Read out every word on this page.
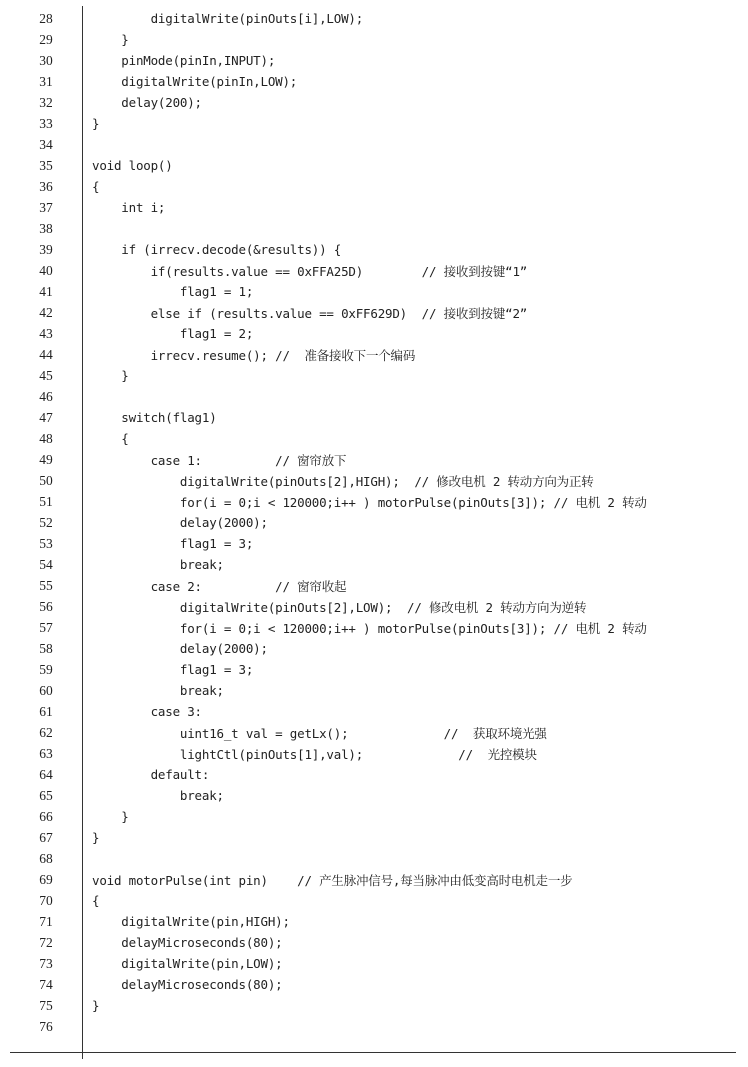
28	digitalWrite(pinOuts[i],LOW);
29	}
30	pinMode(pinIn,INPUT);
31	digitalWrite(pinIn,LOW);
32	delay(200);
33	}
34
35	void loop()
36	{
37	int i;
38
39	if (irrecv.decode(&results)) {
40	if(results.value == 0xFFA25D)        // 接收到按键“1”
41	flag1 = 1;
42	else if (results.value == 0xFF629D)  // 接收到按键“2”
43	flag1 = 2;
44	irrecv.resume(); //  准备接收下一个编码
45	}
46
47	switch(flag1)
48	{
49	case 1:          // 窗帘放下
50	digitalWrite(pinOuts[2],HIGH);  // 修改电机 2 转动方向为正转
51	for(i = 0;i < 120000;i++ ) motorPulse(pinOuts[3]); // 电机 2 转动
52	delay(2000);
53	flag1 = 3;
54	break;
55	case 2:          // 窗帘收起
56	digitalWrite(pinOuts[2],LOW);  // 修改电机 2 转动方向为逆转
57	for(i = 0;i < 120000;i++ ) motorPulse(pinOuts[3]); // 电机 2 转动
58	delay(2000);
59	flag1 = 3;
60	break;
61	case 3:
62	uint16_t val = getLx();             //  获取环境光强
63	lightCtl(pinOuts[1],val);             //  光控模块
64	default:
65	break;
66	}
67	}
68
69	void motorPulse(int pin)    // 产生脉冲信号,每当脉冲由低变高时电机走一步
70	{
71	digitalWrite(pin,HIGH);
72	delayMicroseconds(80);
73	digitalWrite(pin,LOW);
74	delayMicroseconds(80);
75	}
76
